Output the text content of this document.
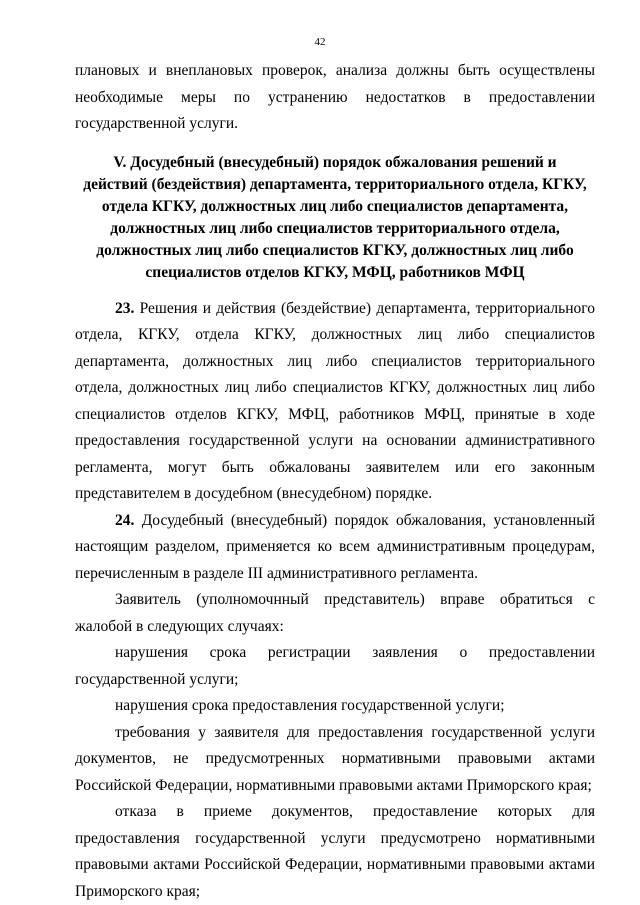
42

плановых и внеплановых проверок, анализа должны быть осуществлены необходимые меры по устранению недостатков в предоставлении государственной услуги.

V. Досудебный (внесудебный) порядок обжалования решений и
действий (бездействия) департамента, территориального отдела, КГКУ,
отдела КГКУ, должностных лиц либо специалистов департамента,
должностных лиц либо специалистов территориального отдела,
должностных лиц либо специалистов КГКУ, должностных лиц либо
специалистов отделов КГКУ, МФЦ, работников МФЦ

23. Решения и действия (бездействие) департамента, территориального отдела, КГКУ, отдела КГКУ, должностных лиц либо специалистов департамента, должностных лиц либо специалистов территориального отдела, должностных лиц либо специалистов КГКУ, должностных лиц либо специалистов отделов КГКУ, МФЦ, работников МФЦ, принятые в ходе предоставления государственной услуги на основании административного регламента, могут быть обжалованы заявителем или его законным представителем в досудебном (внесудебном) порядке.

24. Досудебный (внесудебный) порядок обжалования, установленный настоящим разделом, применяется ко всем административным процедурам, перечисленным в разделе III административного регламента.

Заявитель (уполномочнный представитель) вправе обратиться с жалобой в следующих случаях:

нарушения срока регистрации заявления о предоставлении государственной услуги;

нарушения срока предоставления государственной услуги;

требования у заявителя для предоставления государственной услуги документов, не предусмотренных нормативными правовыми актами Российской Федерации, нормативными правовыми актами Приморского края;

отказа в приеме документов, предоставление которых для предоставления государственной услуги предусмотрено нормативными правовыми актами Российской Федерации, нормативными правовыми актами Приморского края;
